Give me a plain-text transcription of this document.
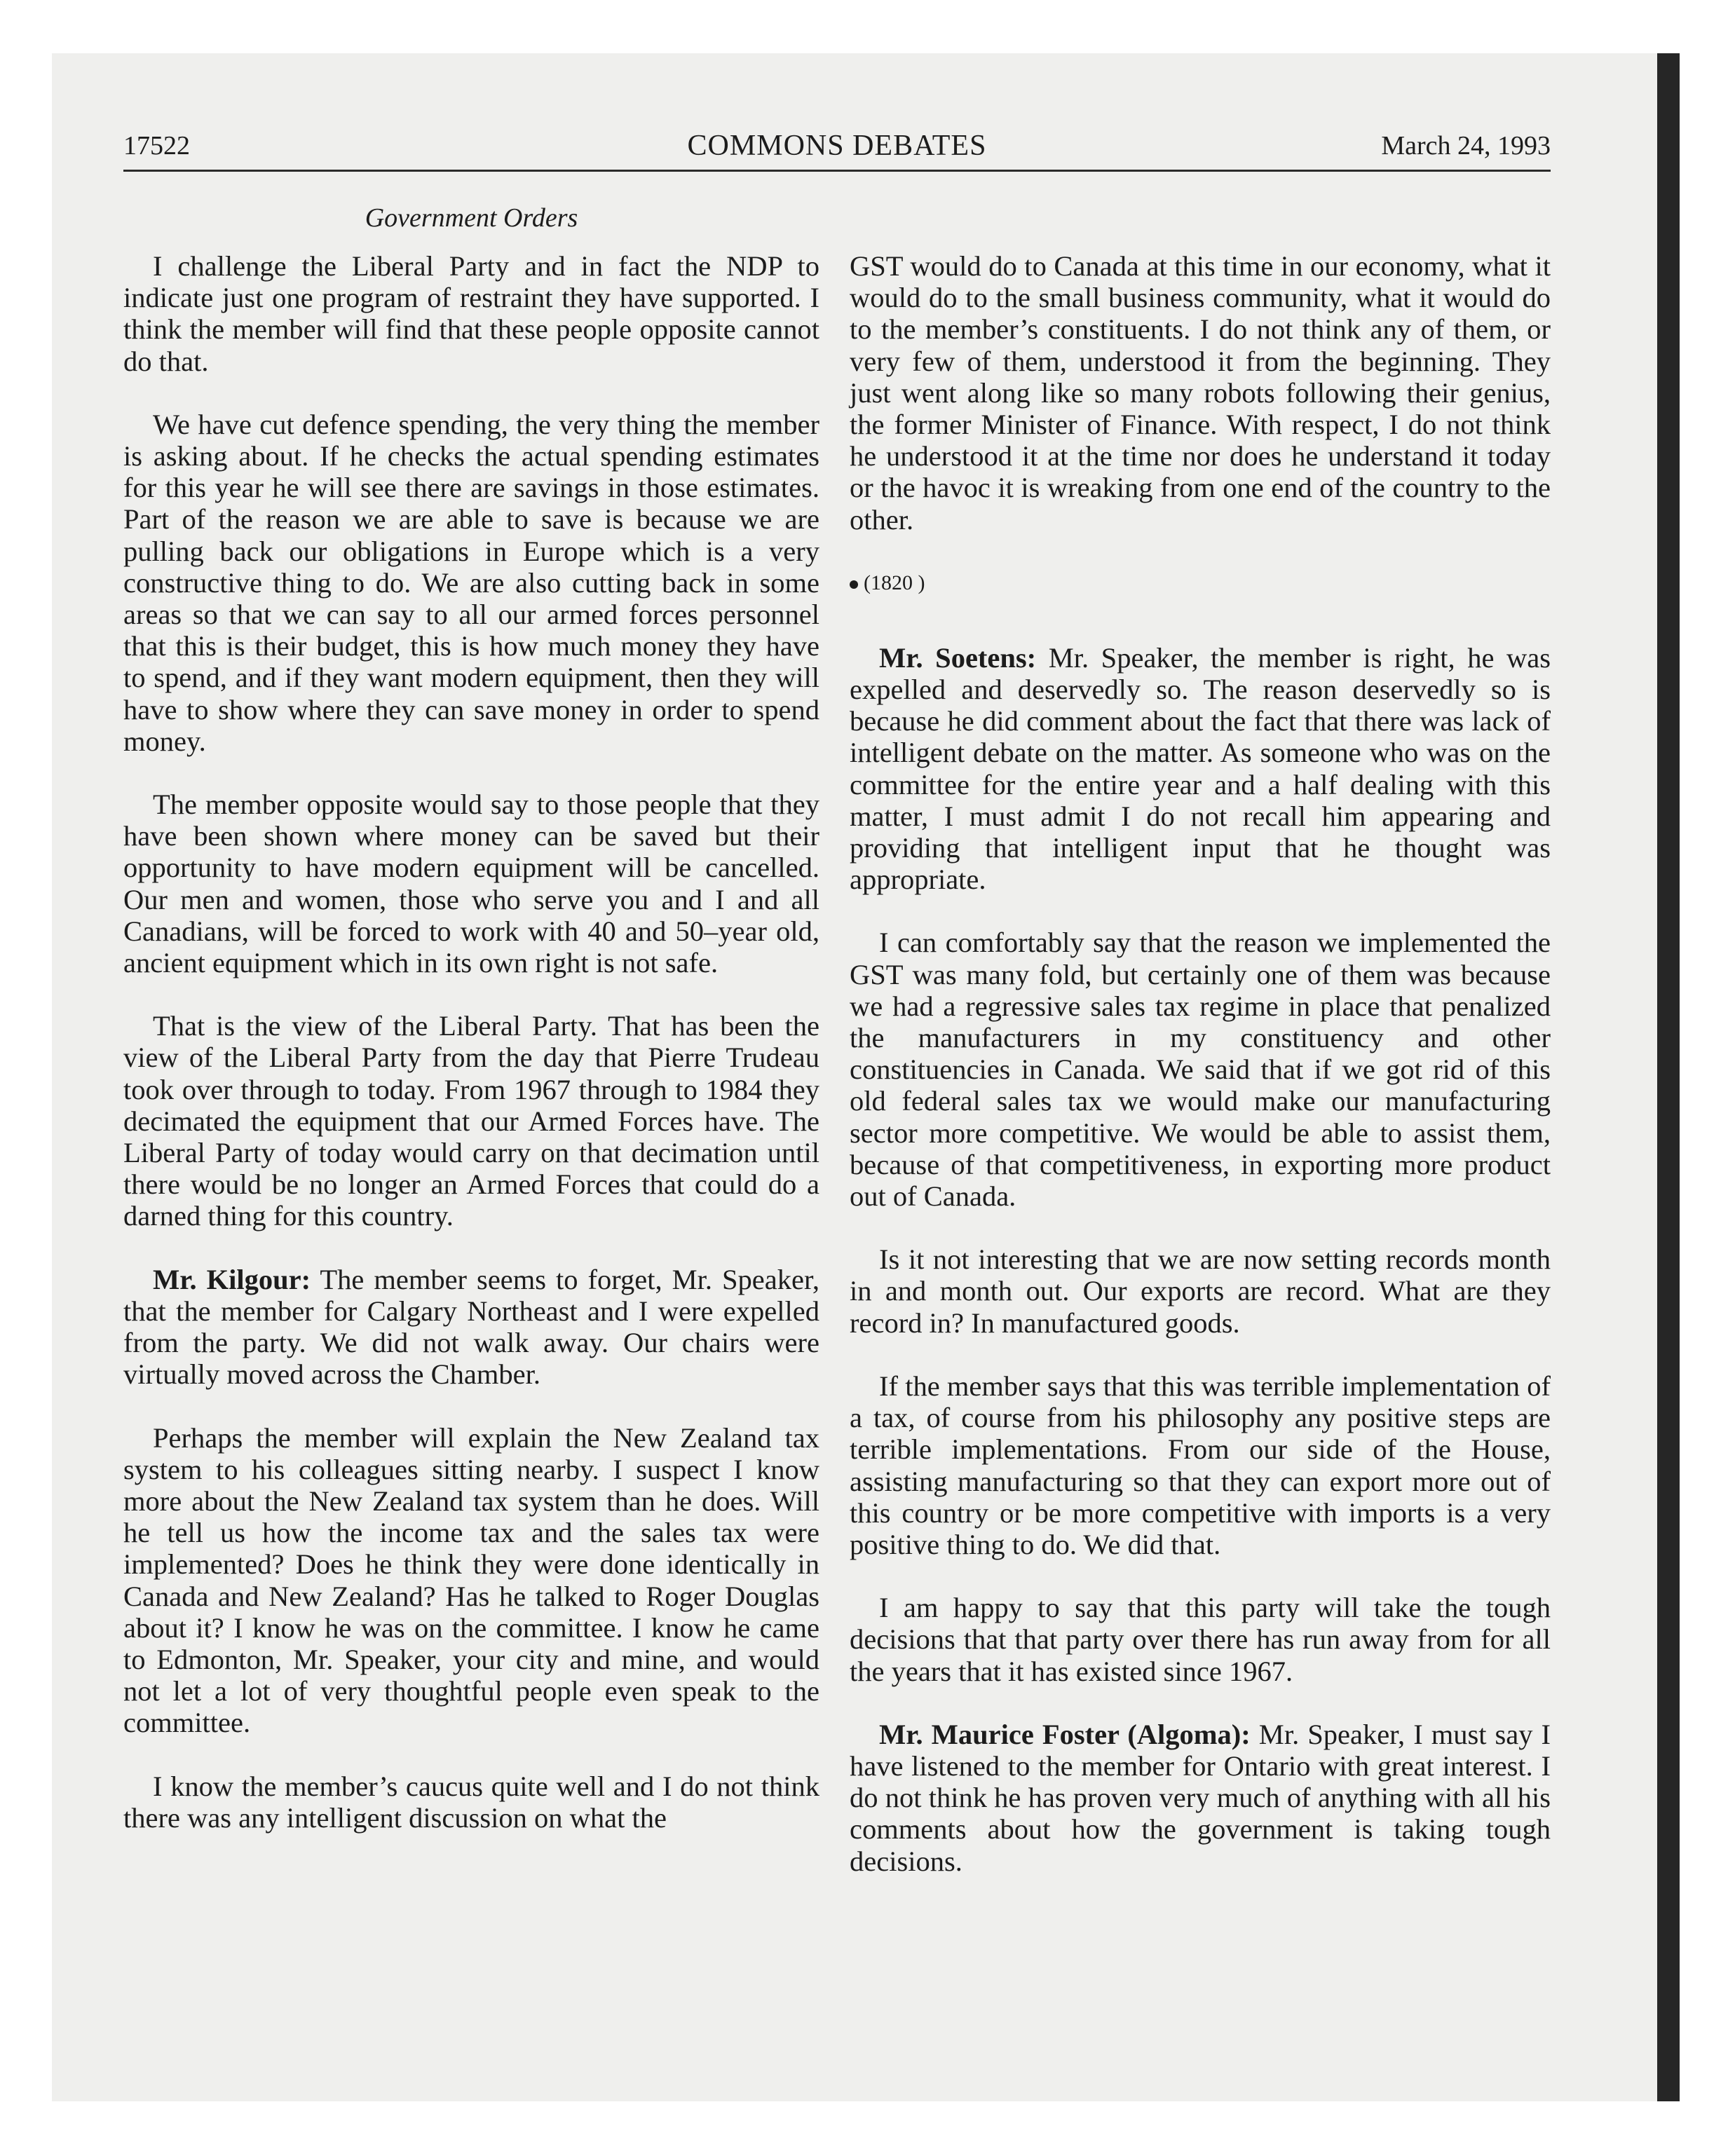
17522	COMMONS DEBATES	March 24, 1993
Government Orders

I challenge the Liberal Party and in fact the NDP to indicate just one program of restraint they have supported. I think the member will find that these people opposite cannot do that.

We have cut defence spending, the very thing the member is asking about. If he checks the actual spending estimates for this year he will see there are savings in those estimates. Part of the reason we are able to save is because we are pulling back our obligations in Europe which is a very constructive thing to do. We are also cutting back in some areas so that we can say to all our armed forces personnel that this is their budget, this is how much money they have to spend, and if they want modern equipment, then they will have to show where they can save money in order to spend money.

The member opposite would say to those people that they have been shown where money can be saved but their opportunity to have modern equipment will be cancelled. Our men and women, those who serve you and I and all Canadians, will be forced to work with 40 and 50–year old, ancient equipment which in its own right is not safe.

That is the view of the Liberal Party. That has been the view of the Liberal Party from the day that Pierre Trudeau took over through to today. From 1967 through to 1984 they decimated the equipment that our Armed Forces have. The Liberal Party of today would carry on that decimation until there would be no longer an Armed Forces that could do a darned thing for this country.

Mr. Kilgour: The member seems to forget, Mr. Speaker, that the member for Calgary Northeast and I were expelled from the party. We did not walk away. Our chairs were virtually moved across the Chamber.

Perhaps the member will explain the New Zealand tax system to his colleagues sitting nearby. I suspect I know more about the New Zealand tax system than he does. Will he tell us how the income tax and the sales tax were implemented? Does he think they were done identically in Canada and New Zealand? Has he talked to Roger Douglas about it? I know he was on the committee. I know he came to Edmonton, Mr. Speaker, your city and mine, and would not let a lot of very thoughtful people even speak to the committee.

I know the member’s caucus quite well and I do not think there was any intelligent discussion on what the

GST would do to Canada at this time in our economy, what it would do to the small business community, what it would do to the member’s constituents. I do not think any of them, or very few of them, understood it from the beginning. They just went along like so many robots following their genius, the former Minister of Finance. With respect, I do not think he understood it at the time nor does he understand it today or the havoc it is wreaking from one end of the country to the other.

(1820 )

Mr. Soetens: Mr. Speaker, the member is right, he was expelled and deservedly so. The reason deservedly so is because he did comment about the fact that there was lack of intelligent debate on the matter. As someone who was on the committee for the entire year and a half dealing with this matter, I must admit I do not recall him appearing and providing that intelligent input that he thought was appropriate.

I can comfortably say that the reason we implemented the GST was many fold, but certainly one of them was because we had a regressive sales tax regime in place that penalized the manufacturers in my constituency and other constituencies in Canada. We said that if we got rid of this old federal sales tax we would make our manufacturing sector more competitive. We would be able to assist them, because of that competitiveness, in exporting more product out of Canada.

Is it not interesting that we are now setting records month in and month out. Our exports are record. What are they record in? In manufactured goods.

If the member says that this was terrible implementation of a tax, of course from his philosophy any positive steps are terrible implementations. From our side of the House, assisting manufacturing so that they can export more out of this country or be more competitive with imports is a very positive thing to do. We did that.

I am happy to say that this party will take the tough decisions that that party over there has run away from for all the years that it has existed since 1967.

Mr. Maurice Foster (Algoma): Mr. Speaker, I must say I have listened to the member for Ontario with great interest. I do not think he has proven very much of anything with all his comments about how the government is taking tough decisions.
